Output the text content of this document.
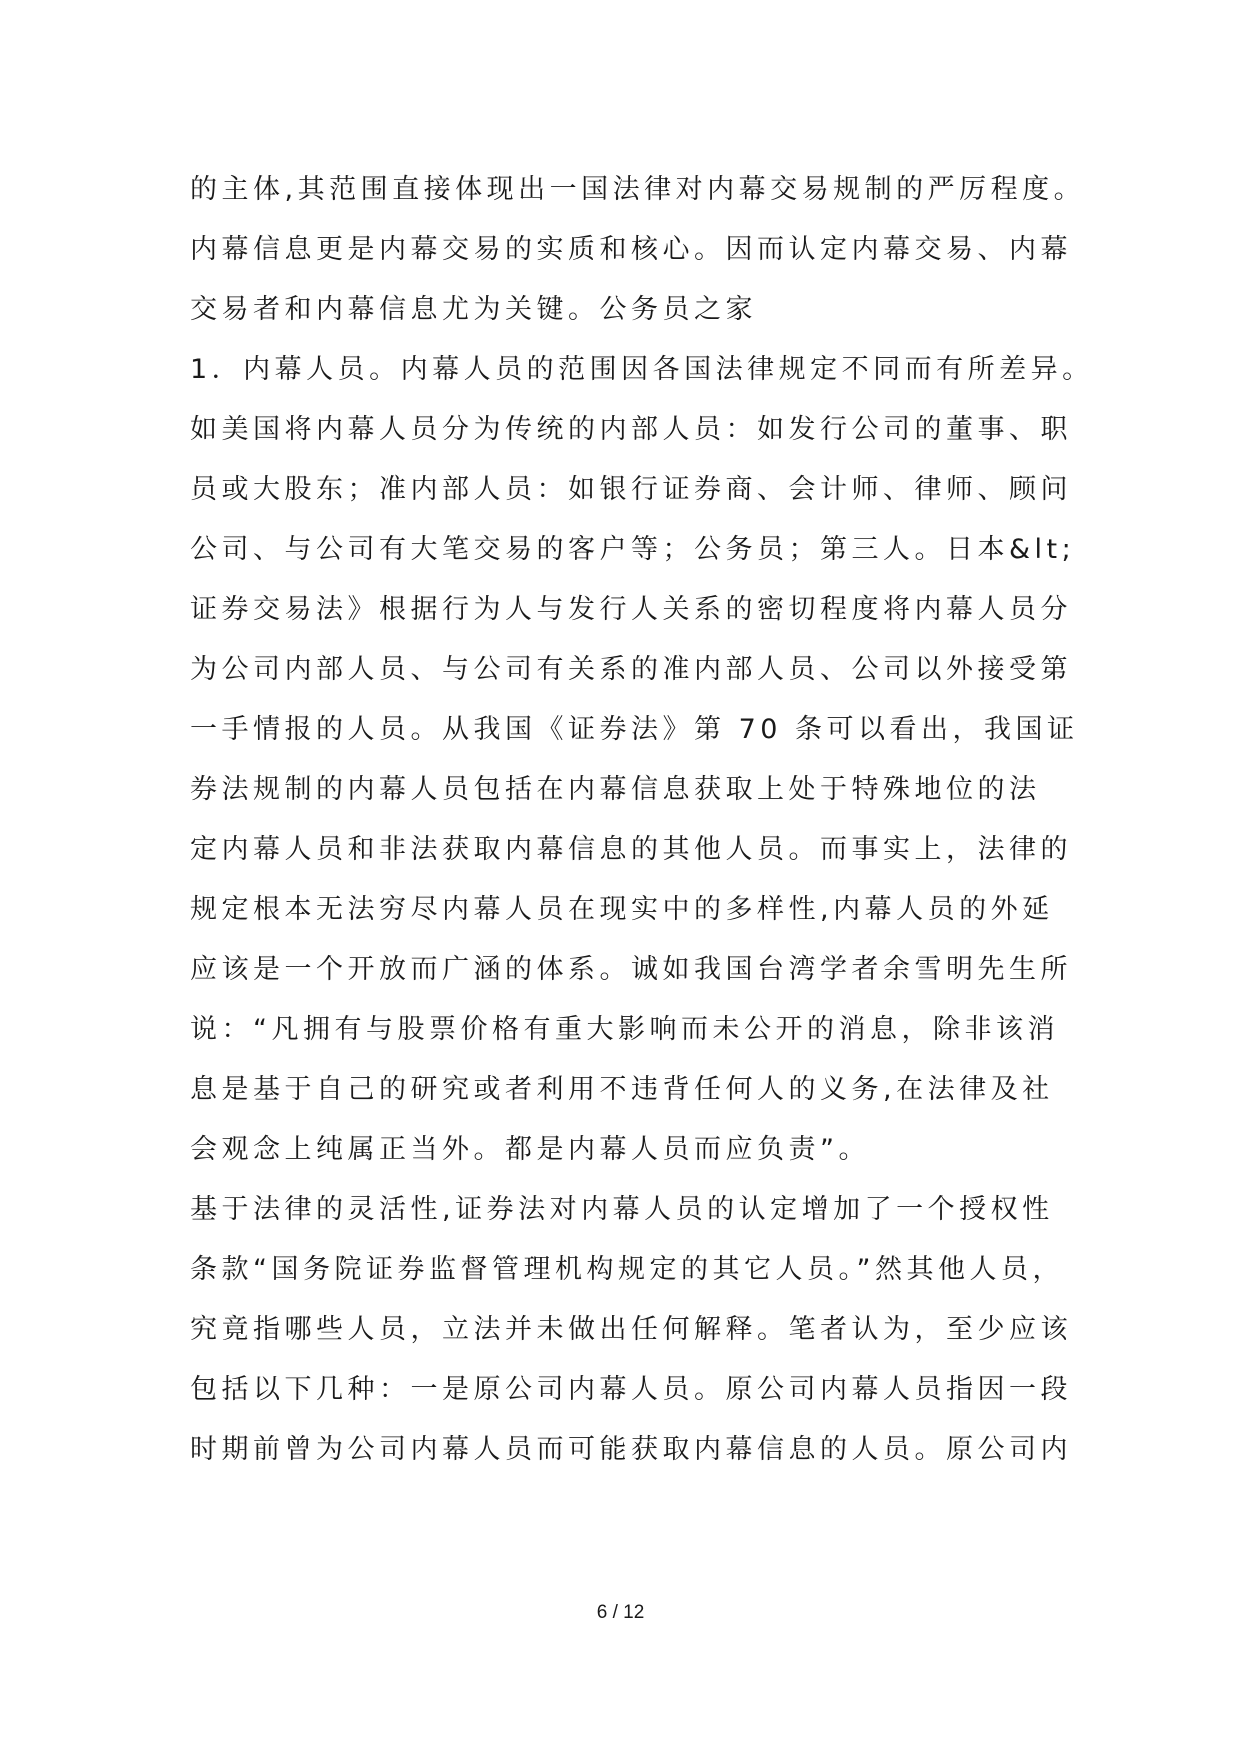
的主体,其范围直接体现出一国法律对内幕交易规制的严厉程度。
内幕信息更是内幕交易的实质和核心。因而认定内幕交易、内幕
交易者和内幕信息尤为关键。公务员之家
1．内幕人员。内幕人员的范围因各国法律规定不同而有所差异。
如美国将内幕人员分为传统的内部人员：如发行公司的董事、职
员或大股东；准内部人员：如银行证券商、会计师、律师、顾问
公司、与公司有大笔交易的客户等；公务员；第三人。日本&lt;
证券交易法》根据行为人与发行人关系的密切程度将内幕人员分
为公司内部人员、与公司有关系的准内部人员、公司以外接受第
一手情报的人员。从我国《证券法》第 70 条可以看出，我国证
券法规制的内幕人员包括在内幕信息获取上处于特殊地位的法
定内幕人员和非法获取内幕信息的其他人员。而事实上，法律的
规定根本无法穷尽内幕人员在现实中的多样性,内幕人员的外延
应该是一个开放而广涵的体系。诚如我国台湾学者余雪明先生所
说：“凡拥有与股票价格有重大影响而未公开的消息，除非该消
息是基于自己的研究或者利用不违背任何人的义务,在法律及社
会观念上纯属正当外。都是内幕人员而应负责”。
基于法律的灵活性,证券法对内幕人员的认定增加了一个授权性
条款“国务院证券监督管理机构规定的其它人员。”然其他人员，
究竟指哪些人员，立法并未做出任何解释。笔者认为，至少应该
包括以下几种：一是原公司内幕人员。原公司内幕人员指因一段
时期前曾为公司内幕人员而可能获取内幕信息的人员。原公司内
6 / 12
